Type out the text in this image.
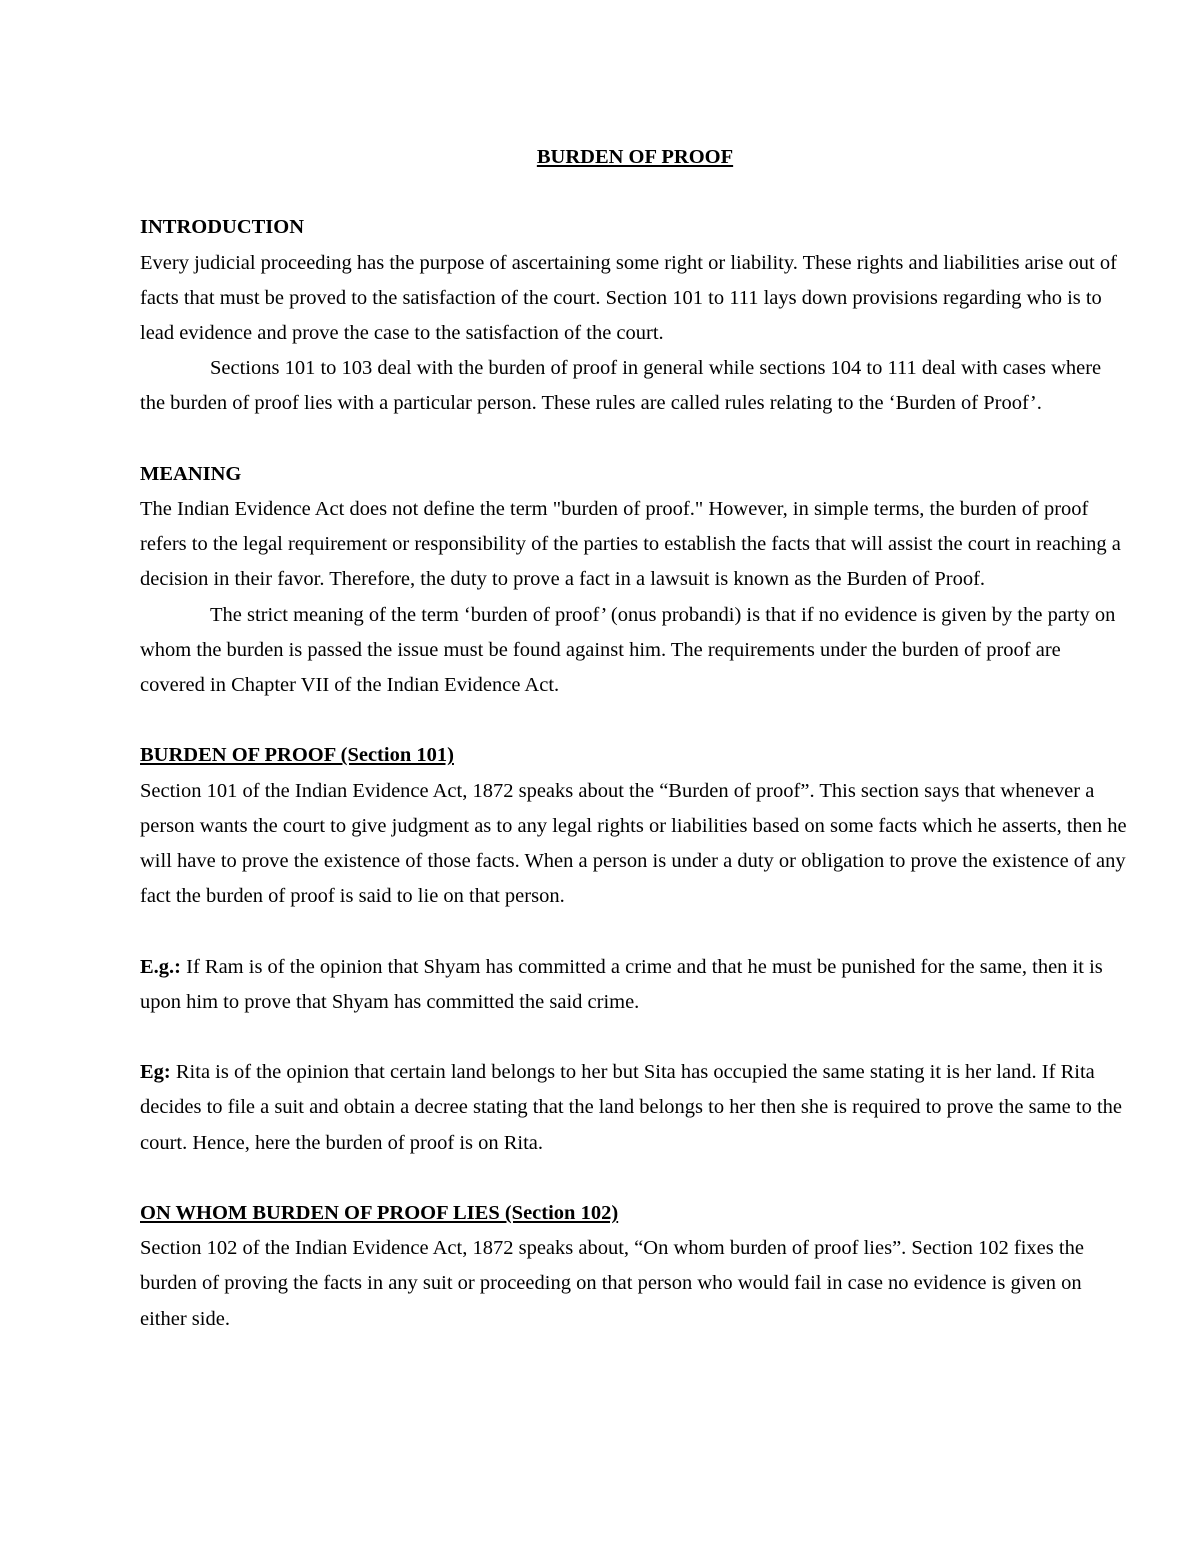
BURDEN OF PROOF
INTRODUCTION

Every judicial proceeding has the purpose of ascertaining some right or liability. These rights and liabilities arise out of facts that must be proved to the satisfaction of the court. Section 101 to 111 lays down provisions regarding who is to lead evidence and prove the case to the satisfaction of the court.

Sections 101 to 103 deal with the burden of proof in general while sections 104 to 111 deal with cases where the burden of proof lies with a particular person. These rules are called rules relating to the ‘Burden of Proof’.

MEANING

The Indian Evidence Act does not define the term "burden of proof." However, in simple terms, the burden of proof refers to the legal requirement or responsibility of the parties to establish the facts that will assist the court in reaching a decision in their favor. Therefore, the duty to prove a fact in a lawsuit is known as the Burden of Proof.

The strict meaning of the term ‘burden of proof’ (onus probandi) is that if no evidence is given by the party on whom the burden is passed the issue must be found against him. The requirements under the burden of proof are covered in Chapter VII of the Indian Evidence Act.

BURDEN OF PROOF (Section 101)

Section 101 of the Indian Evidence Act, 1872 speaks about the “Burden of proof”. This section says that whenever a person wants the court to give judgment as to any legal rights or liabilities based on some facts which he asserts, then he will have to prove the existence of those facts. When a person is under a duty or obligation to prove the existence of any fact the burden of proof is said to lie on that person.

E.g.: If Ram is of the opinion that Shyam has committed a crime and that he must be punished for the same, then it is upon him to prove that Shyam has committed the said crime.

Eg: Rita is of the opinion that certain land belongs to her but Sita has occupied the same stating it is her land. If Rita decides to file a suit and obtain a decree stating that the land belongs to her then she is required to prove the same to the court. Hence, here the burden of proof is on Rita.

ON WHOM BURDEN OF PROOF LIES (Section 102)

Section 102 of the Indian Evidence Act, 1872 speaks about, “On whom burden of proof lies”. Section 102 fixes the burden of proving the facts in any suit or proceeding on that person who would fail in case no evidence is given on either side.
